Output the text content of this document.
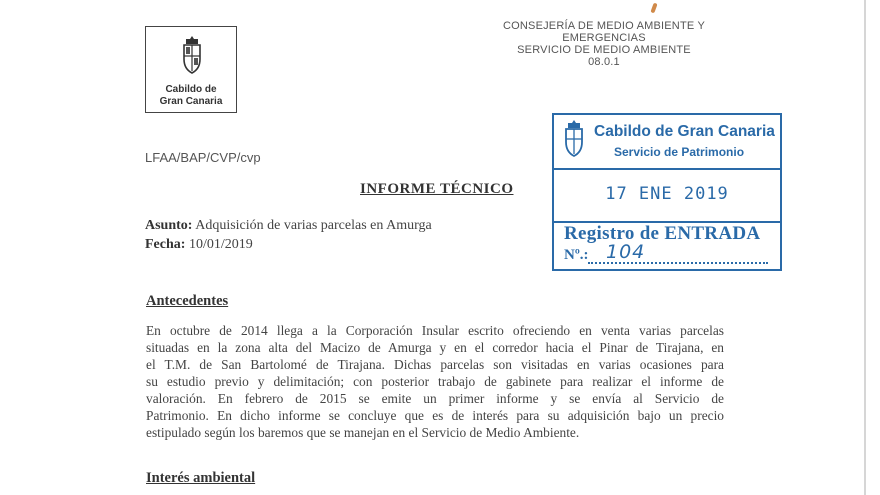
Cabildo de
Gran Canaria
CONSEJERÍA DE MEDIO AMBIENTE Y
EMERGENCIAS
SERVICIO DE MEDIO AMBIENTE
08.0.1
Cabildo de Gran Canaria
Servicio de Patrimonio
17 ENE 2019
Registro de ENTRADA
Nº.: 104
LFAA/BAP/CVP/cvp
INFORME TÉCNICO
Asunto: Adquisición de varias parcelas en Amurga
Fecha: 10/01/2019
Antecedentes
En octubre de 2014 llega a la Corporación Insular escrito ofreciendo en venta varias parcelas
situadas en la zona alta del Macizo de Amurga y en el corredor hacia el Pinar de Tirajana, en
el T.M. de San Bartolomé de Tirajana. Dichas parcelas son visitadas en varias ocasiones para
su estudio previo y delimitación; con posterior trabajo de gabinete para realizar el informe de
valoración. En febrero de 2015 se emite un primer informe y se envía al Servicio de
Patrimonio. En dicho informe se concluye que es de interés para su adquisición bajo un precio
estipulado según los baremos que se manejan en el Servicio de Medio Ambiente.
Interés ambiental
